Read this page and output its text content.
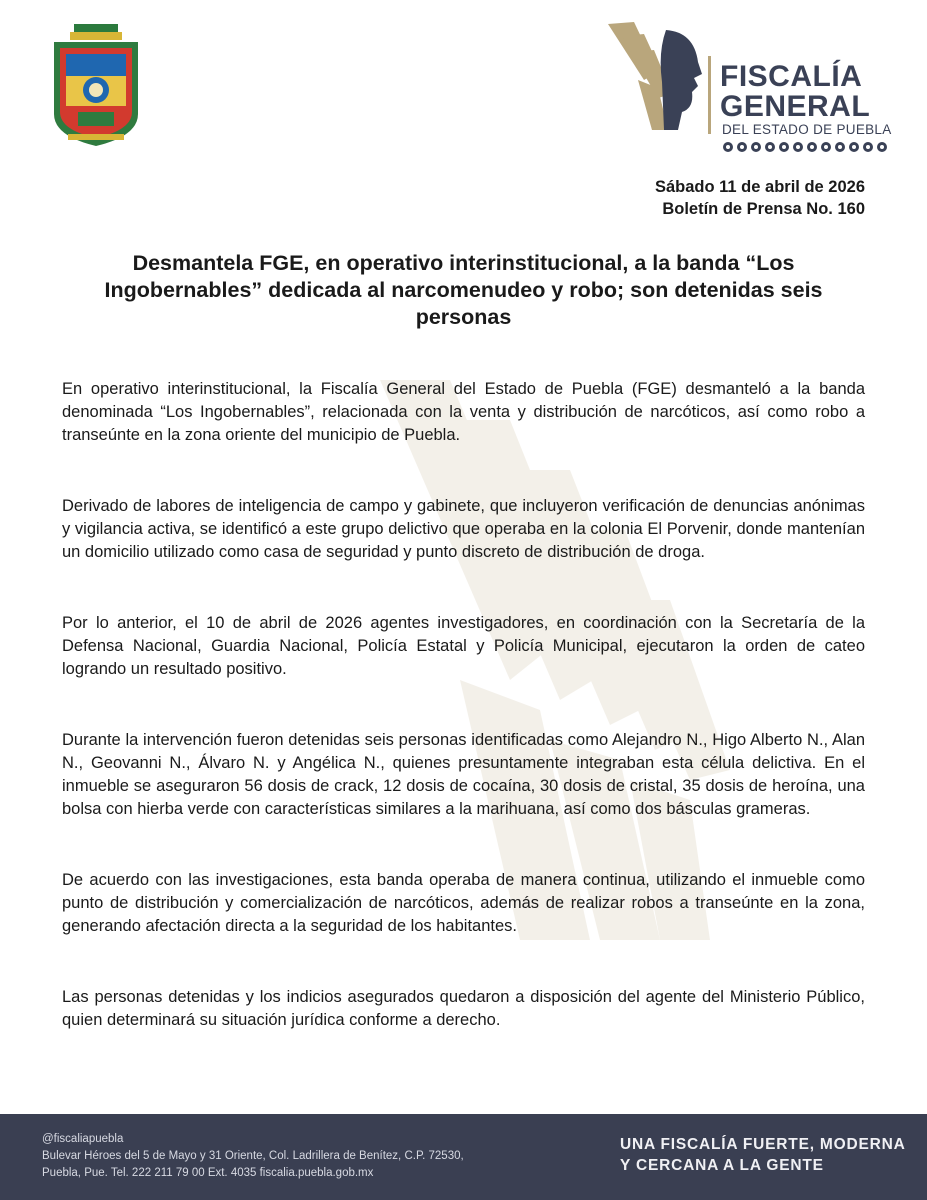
FISCALÍA
GENERAL
DEL ESTADO DE PUEBLA
Sábado 11 de abril de 2026
Boletín de Prensa No. 160
Desmantela FGE, en operativo interinstitucional, a la banda “Los Ingobernables” dedicada al narcomenudeo y robo; son detenidas seis personas

En operativo interinstitucional, la Fiscalía General del Estado de Puebla (FGE) desmanteló a la banda denominada “Los Ingobernables”, relacionada con la venta y distribución de narcóticos, así como robo a transeúnte en la zona oriente del municipio de Puebla.

Derivado de labores de inteligencia de campo y gabinete, que incluyeron verificación de denuncias anónimas y vigilancia activa, se identificó a este grupo delictivo que operaba en la colonia El Porvenir, donde mantenían un domicilio utilizado como casa de seguridad y punto discreto de distribución de droga.

Por lo anterior, el 10 de abril de 2026 agentes investigadores, en coordinación con la Secretaría de la Defensa Nacional, Guardia Nacional, Policía Estatal y Policía Municipal, ejecutaron la orden de cateo logrando un resultado positivo.

Durante la intervención fueron detenidas seis personas identificadas como Alejandro N., Higo Alberto N., Alan N., Geovanni N., Álvaro N. y Angélica N., quienes presuntamente integraban esta célula delictiva. En el inmueble se aseguraron 56 dosis de crack, 12 dosis de cocaína, 30 dosis de cristal, 35 dosis de heroína, una bolsa con hierba verde con características similares a la marihuana, así como dos básculas grameras.

De acuerdo con las investigaciones, esta banda operaba de manera continua, utilizando el inmueble como punto de distribución y comercialización de narcóticos, además de realizar robos a transeúnte en la zona, generando afectación directa a la seguridad de los habitantes.

Las personas detenidas y los indicios asegurados quedaron a disposición del agente del Ministerio Público, quien determinará su situación jurídica conforme a derecho.

@fiscaliapuebla
Bulevar Héroes del 5 de Mayo y 31 Oriente, Col. Ladrillera de Benítez, C.P. 72530,
Puebla, Pue. Tel. 222 211 79 00 Ext. 4035 fiscalia.puebla.gob.mx
UNA FISCALÍA FUERTE, MODERNA
Y CERCANA A LA GENTE
